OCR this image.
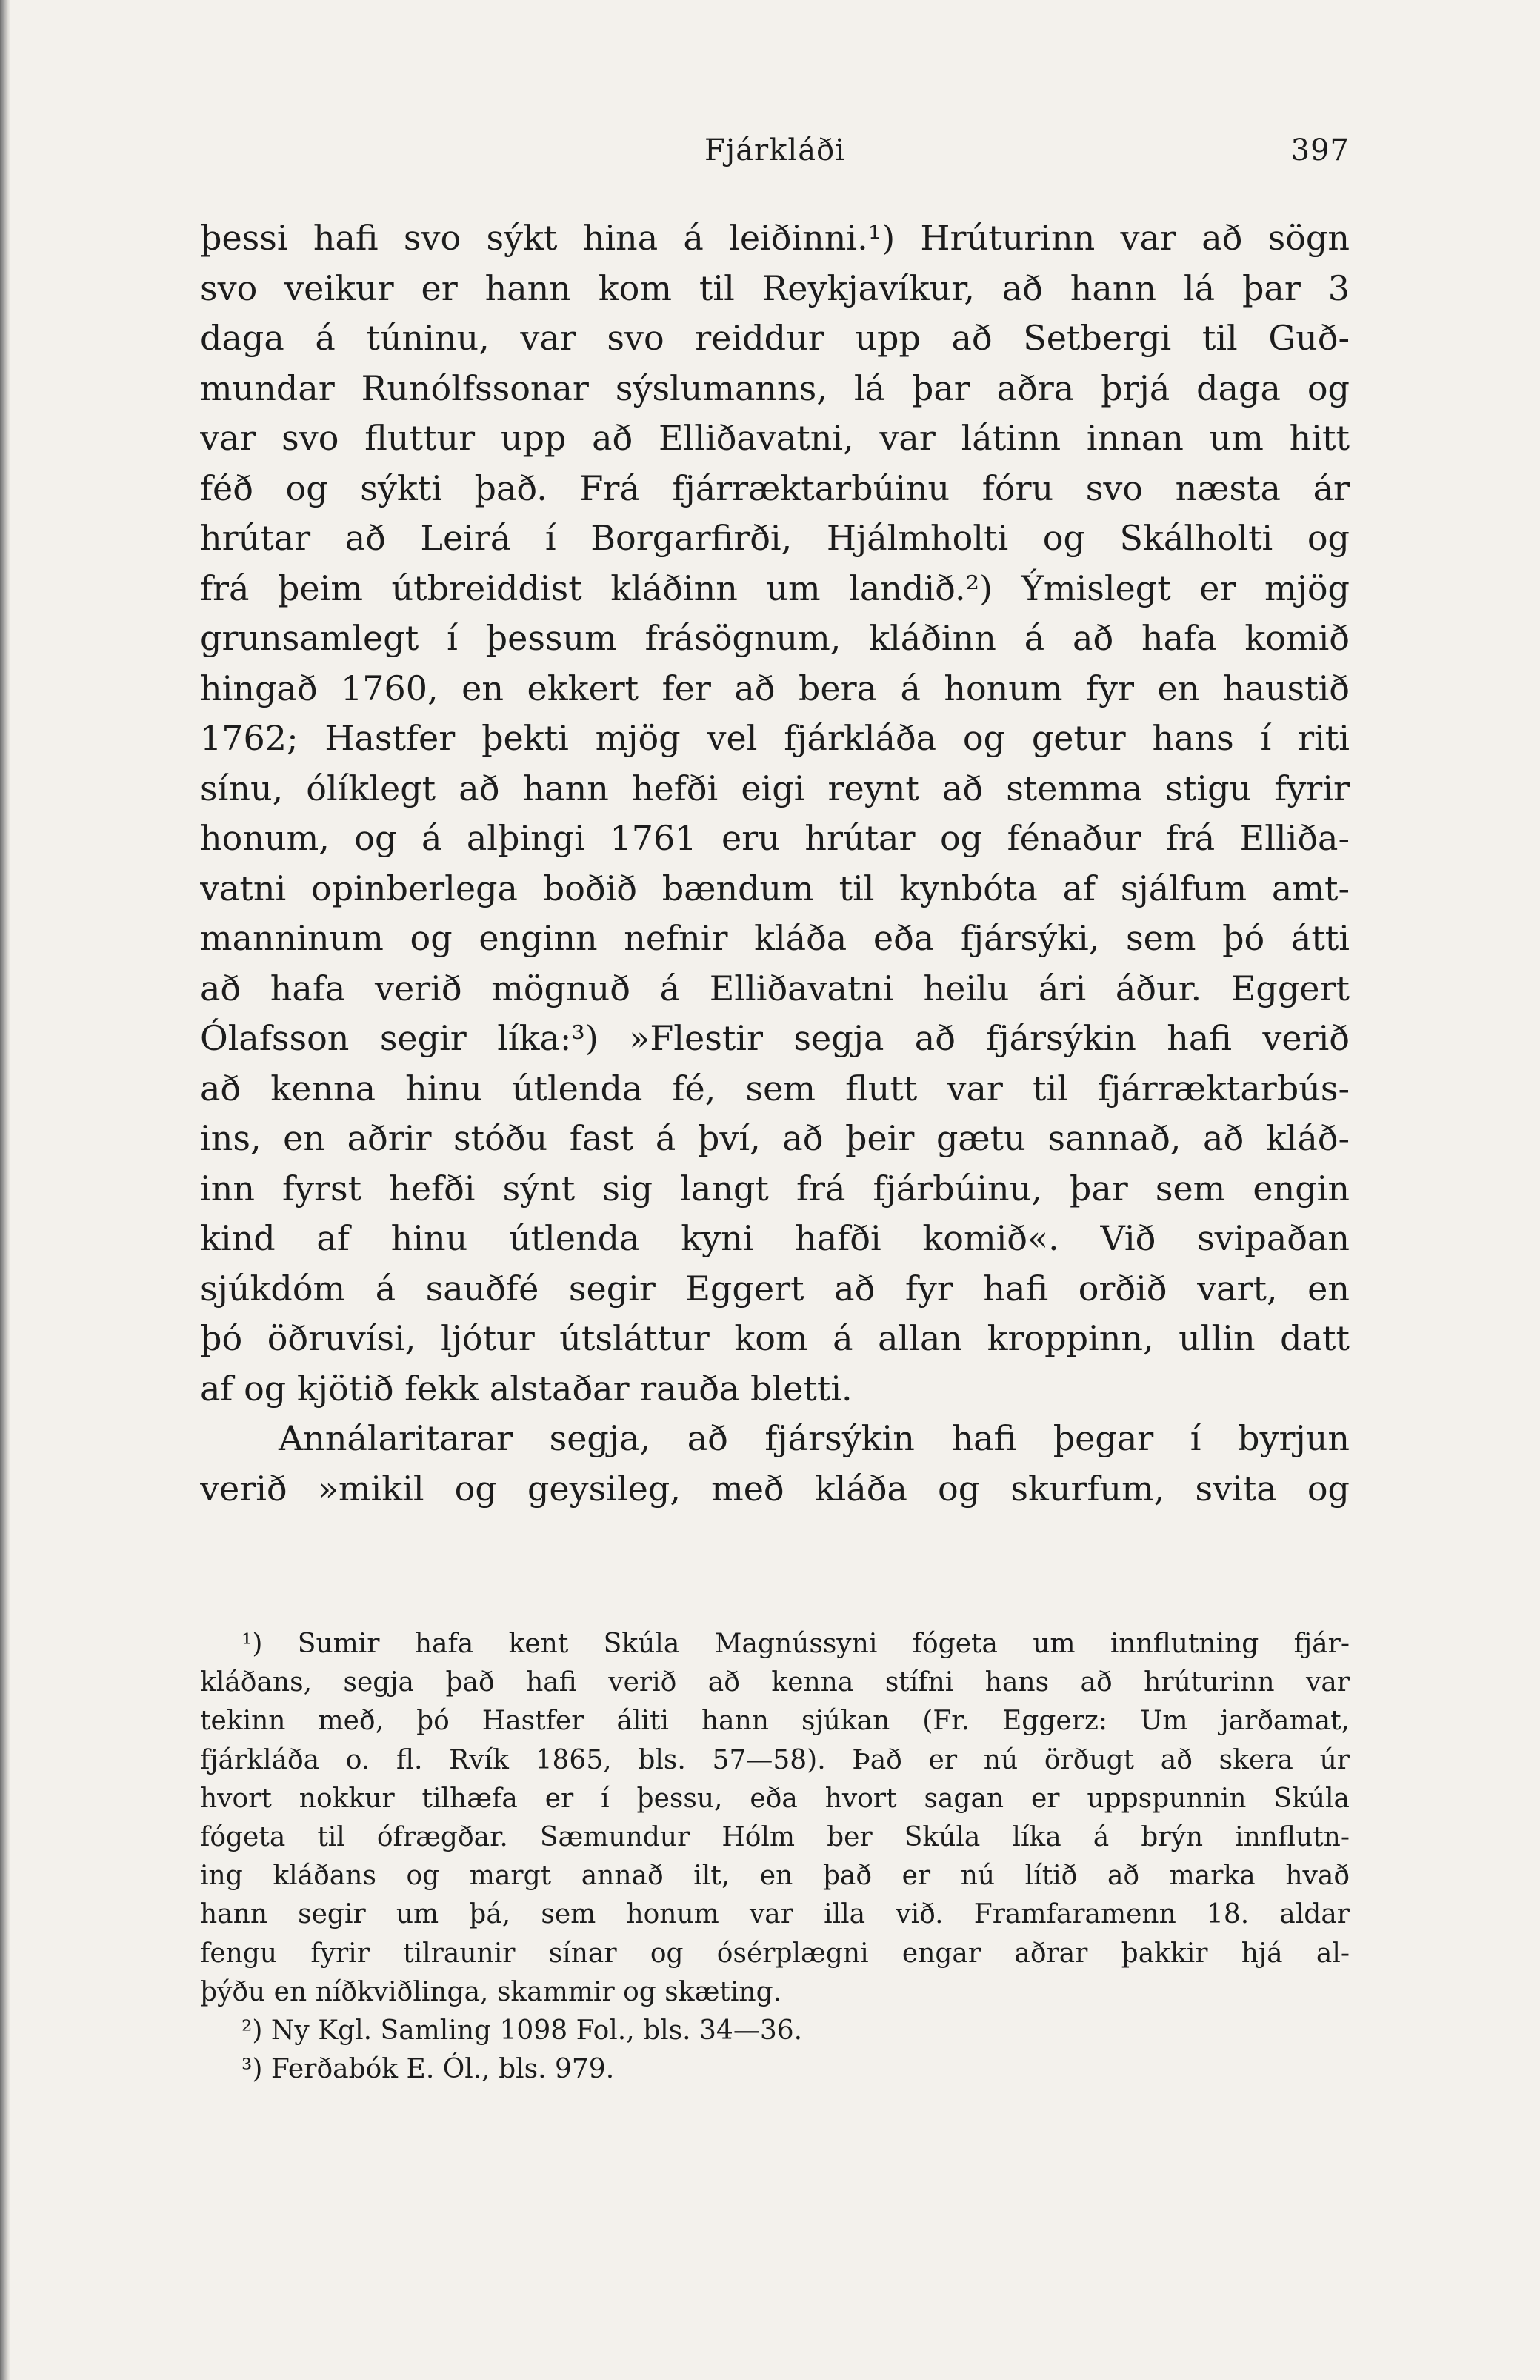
Fjárkláði	397
þessi hafi svo sýkt hina á leiðinni.¹) Hrúturinn var að sögn
svo veikur er hann kom til Reykjavíkur, að hann lá þar 3
daga á túninu, var svo reiddur upp að Setbergi til Guð-
mundar Runólfssonar sýslumanns, lá þar aðra þrjá daga og
var svo fluttur upp að Elliðavatni, var látinn innan um hitt
féð og sýkti það. Frá fjárræktarbúinu fóru svo næsta ár
hrútar að Leirá í Borgarfirði, Hjálmholti og Skálholti og
frá þeim útbreiddist kláðinn um landið.²) Ýmislegt er mjög
grunsamlegt í þessum frásögnum, kláðinn á að hafa komið
hingað 1760, en ekkert fer að bera á honum fyr en haustið
1762; Hastfer þekti mjög vel fjárkláða og getur hans í riti
sínu, ólíklegt að hann hefði eigi reynt að stemma stigu fyrir
honum, og á alþingi 1761 eru hrútar og fénaður frá Elliða-
vatni opinberlega boðið bændum til kynbóta af sjálfum amt-
manninum og enginn nefnir kláða eða fjársýki, sem þó átti
að hafa verið mögnuð á Elliðavatni heilu ári áður. Eggert
Ólafsson segir líka:³) »Flestir segja að fjársýkin hafi verið
að kenna hinu útlenda fé, sem flutt var til fjárræktarbús-
ins, en aðrir stóðu fast á því, að þeir gætu sannað, að kláð-
inn fyrst hefði sýnt sig langt frá fjárbúinu, þar sem engin
kind af hinu útlenda kyni hafði komið«. Við svipaðan
sjúkdóm á sauðfé segir Eggert að fyr hafi orðið vart, en
þó öðruvísi, ljótur útsláttur kom á allan kroppinn, ullin datt
af og kjötið fekk alstaðar rauða bletti.
Annálaritarar segja, að fjársýkin hafi þegar í byrjun
verið »mikil og geysileg, með kláða og skurfum, svita og
¹) Sumir hafa kent Skúla Magnússyni fógeta um innflutning fjár-
kláðans, segja það hafi verið að kenna stífni hans að hrúturinn var
tekinn með, þó Hastfer áliti hann sjúkan (Fr. Eggerz: Um jarðamat,
fjárkláða o. fl. Rvík 1865, bls. 57—58). Það er nú örðugt að skera úr
hvort nokkur tilhæfa er í þessu, eða hvort sagan er uppspunnin Skúla
fógeta til ófrægðar. Sæmundur Hólm ber Skúla líka á brýn innflutn-
ing kláðans og margt annað ilt, en það er nú lítið að marka hvað
hann segir um þá, sem honum var illa við. Framfaramenn 18. aldar
fengu fyrir tilraunir sínar og ósérplægni engar aðrar þakkir hjá al-
þýðu en níðkviðlinga, skammir og skæting.
²) Ny Kgl. Samling 1098 Fol., bls. 34—36.
³) Ferðabók E. Ól., bls. 979.
